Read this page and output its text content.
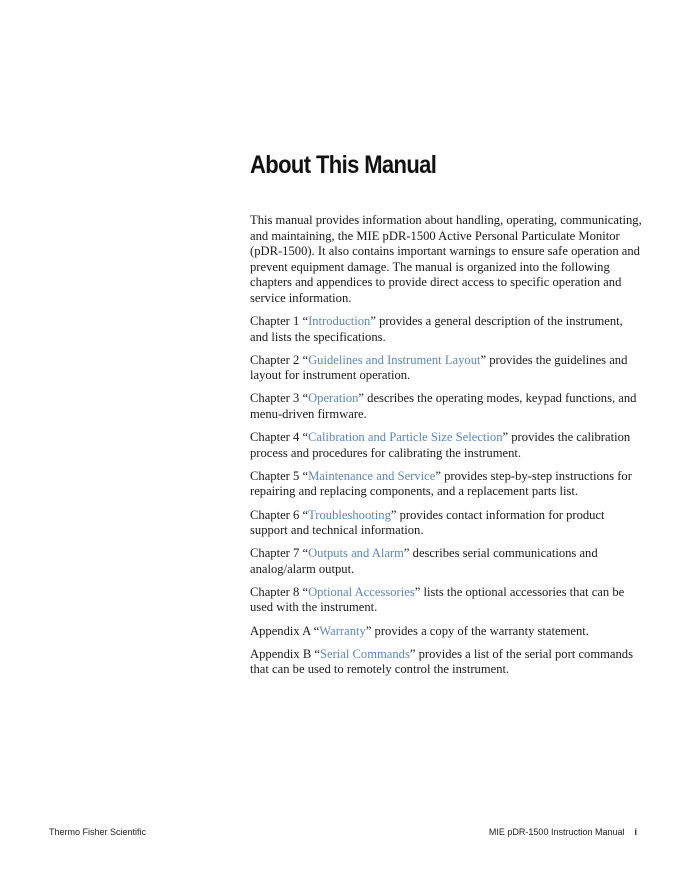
About This Manual

This manual provides information about handling, operating, communicating, and maintaining, the MIE pDR-1500 Active Personal Particulate Monitor (pDR-1500). It also contains important warnings to ensure safe operation and prevent equipment damage. The manual is organized into the following chapters and appendices to provide direct access to specific operation and service information.

Chapter 1 “Introduction” provides a general description of the instrument, and lists the specifications.

Chapter 2 “Guidelines and Instrument Layout” provides the guidelines and layout for instrument operation.

Chapter 3 “Operation” describes the operating modes, keypad functions, and menu-driven firmware.

Chapter 4 “Calibration and Particle Size Selection” provides the calibration process and procedures for calibrating the instrument.

Chapter 5 “Maintenance and Service” provides step-by-step instructions for repairing and replacing components, and a replacement parts list.

Chapter 6 “Troubleshooting” provides contact information for product support and technical information.

Chapter 7 “Outputs and Alarm” describes serial communications and analog/alarm output.

Chapter 8 “Optional Accessories” lists the optional accessories that can be used with the instrument.

Appendix A “Warranty” provides a copy of the warranty statement.

Appendix B “Serial Commands” provides a list of the serial port commands that can be used to remotely control the instrument.

Thermo Fisher Scientific	MIE pDR-1500 Instruction Manual i
